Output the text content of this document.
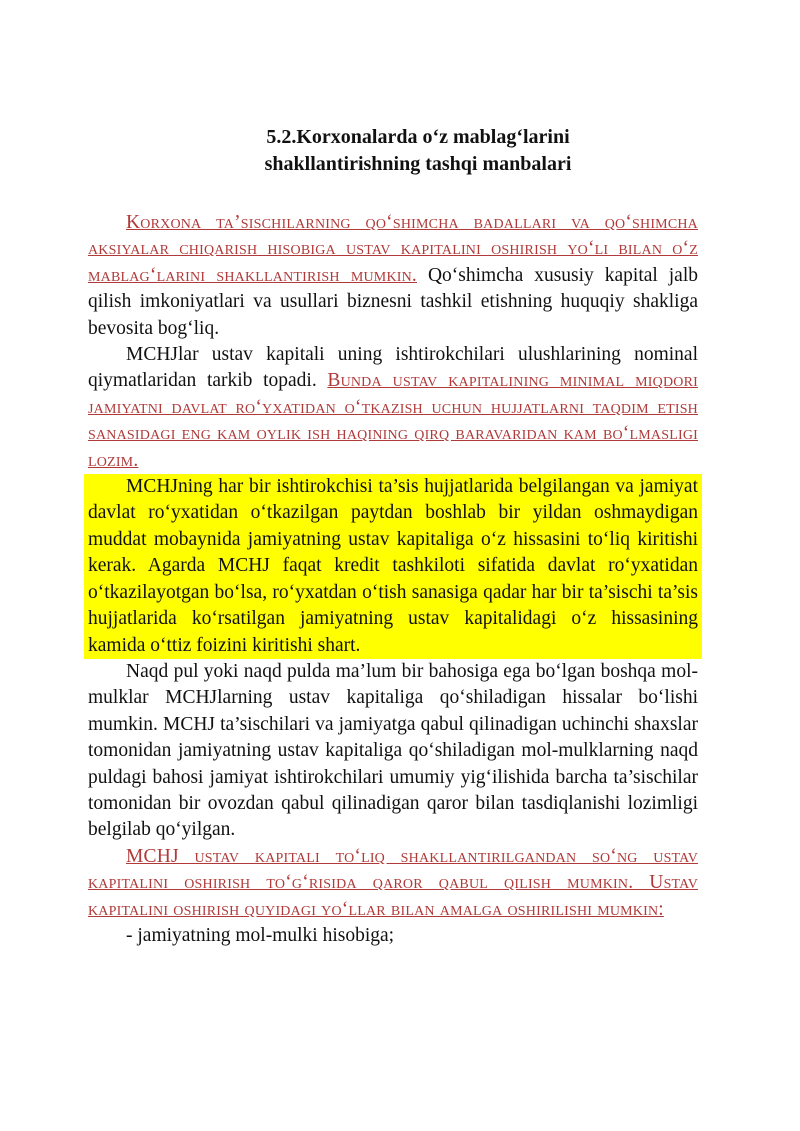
5.2.Korxonalarda o‘z mablag‘larini
shakllantirishning tashqi manbalari

Korxona ta’sischilarning qo‘shimcha badallari va qo‘shimcha aksiyalar chiqarish hisobiga ustav kapitalini oshirish yo‘li bilan o‘z mablag‘larini shakllantirish mumkin. Qo‘shimcha xususiy kapital jalb qilish imkoniyatlari va usullari biznesni tashkil etishning huquqiy shakliga bevosita bog‘liq.

MCHJlar ustav kapitali uning ishtirokchilari ulushlarining nominal qiymatlaridan tarkib topadi. Bunda ustav kapitalining minimal miqdori jamiyatni davlat ro‘yxatidan o‘tkazish uchun hujjatlarni taqdim etish sanasidagi eng kam oylik ish haqining qirq baravaridan kam bo‘lmasligi lozim.

MCHJning har bir ishtirokchisi ta’sis hujjatlarida belgilangan va jamiyat davlat ro‘yxatidan o‘tkazilgan paytdan boshlab bir yildan oshmaydigan muddat mobaynida jamiyatning ustav kapitaliga o‘z hissasini to‘liq kiritishi kerak. Agarda MCHJ faqat kredit tashkiloti sifatida davlat ro‘yxatidan o‘tkazilayotgan bo‘lsa, ro‘yxatdan o‘tish sanasiga qadar har bir ta’sischi ta’sis hujjatlarida ko‘rsatilgan jamiyatning ustav kapitalidagi o‘z hissasining kamida o‘ttiz foizini kiritishi shart.

Naqd pul yoki naqd pulda ma’lum bir bahosiga ega bo‘lgan boshqa mol-mulklar MCHJlarning ustav kapitaliga qo‘shiladigan hissalar bo‘lishi mumkin. MCHJ ta’sischilari va jamiyatga qabul qilinadigan uchinchi shaxslar tomonidan jamiyatning ustav kapitaliga qo‘shiladigan mol-mulklarning naqd puldagi bahosi jamiyat ishtirokchilari umumiy yig‘ilishida barcha ta’sischilar tomonidan bir ovozdan qabul qilinadigan qaror bilan tasdiqlanishi lozimligi belgilab qo‘yilgan.

MCHJ ustav kapitali to‘liq shakllantirilgandan so‘ng ustav kapitalini oshirish to‘g‘risida qaror qabul qilish mumkin. Ustav kapitalini oshirish quyidagi yo‘llar bilan amalga oshirilishi mumkin:

- jamiyatning mol-mulki hisobiga;
